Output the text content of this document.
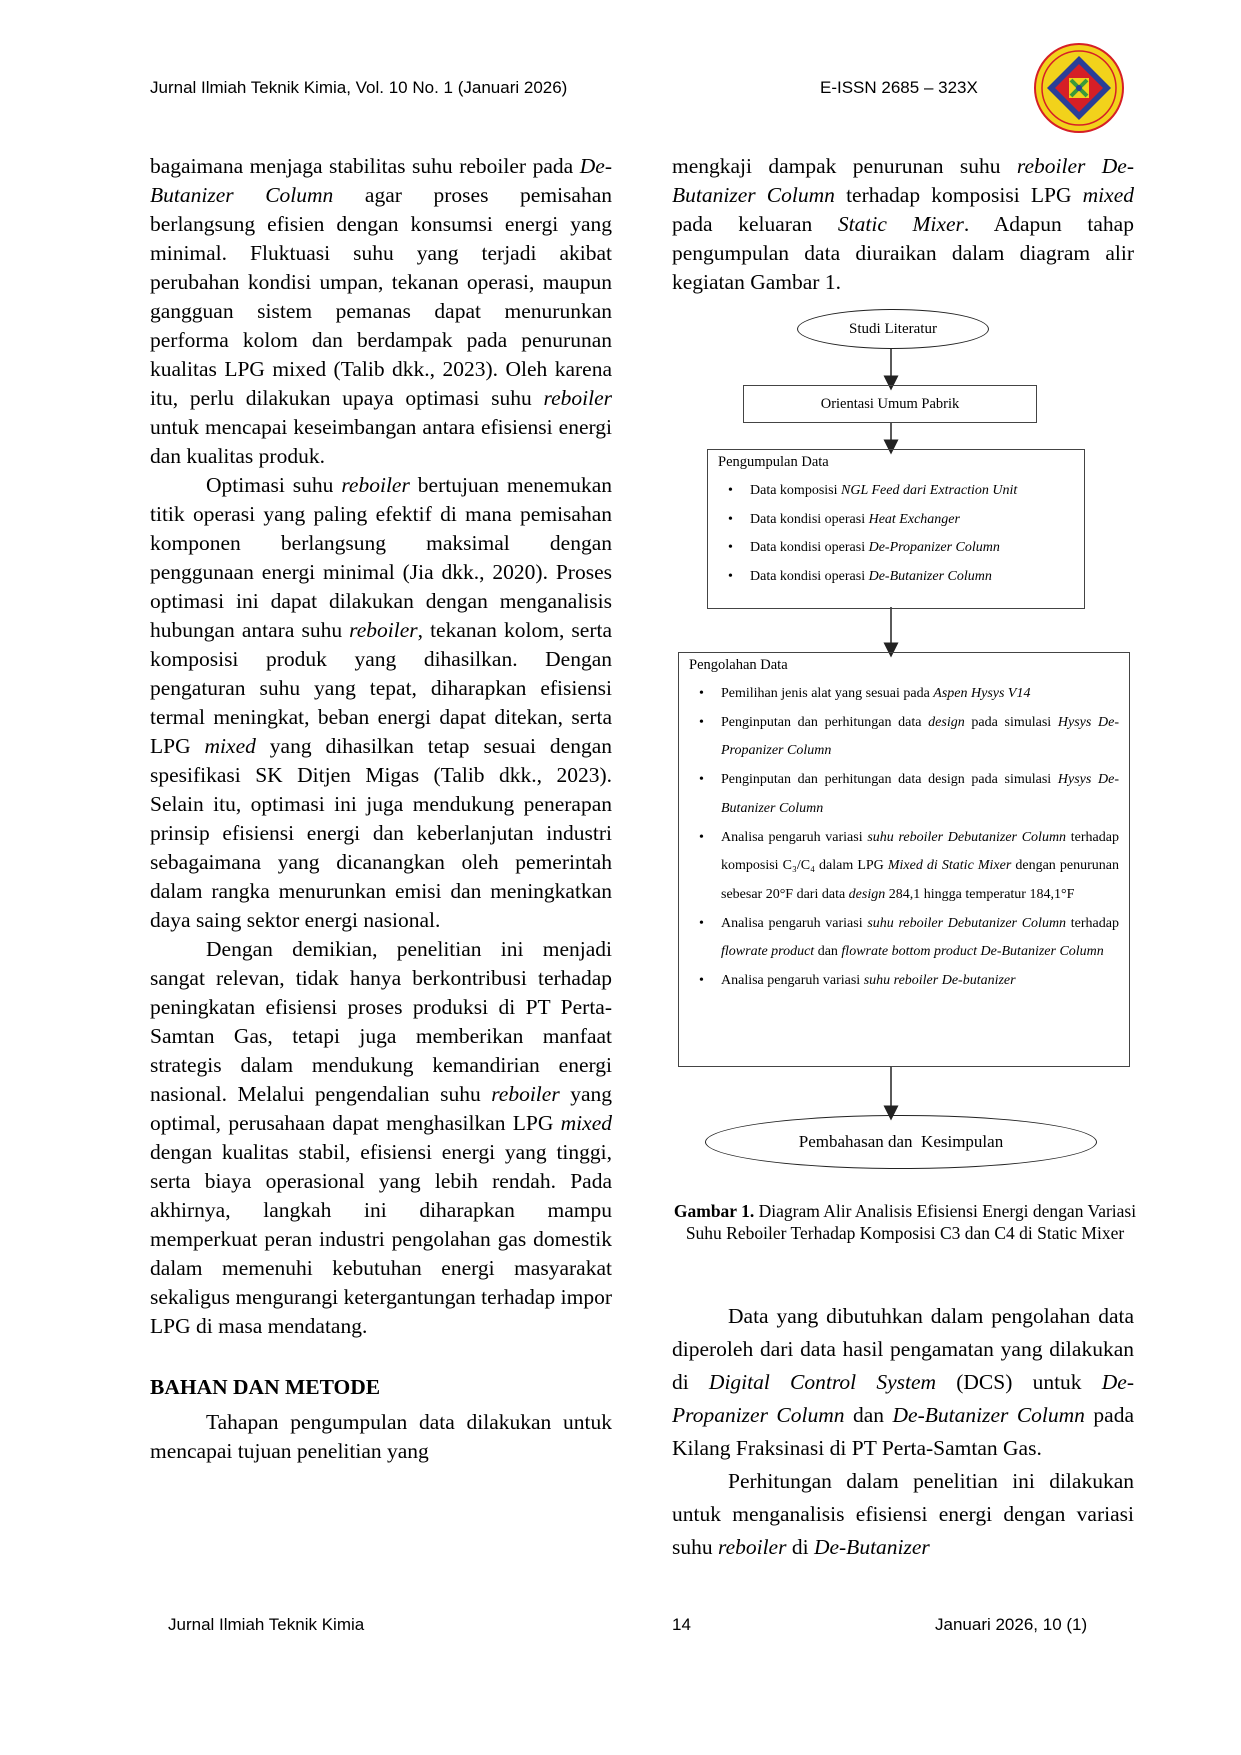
Jurnal Ilmiah Teknik Kimia, Vol. 10 No. 1 (Januari 2026)	E-ISSN 2685 – 323X

bagaimana menjaga stabilitas suhu reboiler pada De-Butanizer Column agar proses pemisahan berlangsung efisien dengan konsumsi energi yang minimal. Fluktuasi suhu yang terjadi akibat perubahan kondisi umpan, tekanan operasi, maupun gangguan sistem pemanas dapat menurunkan performa kolom dan berdampak pada penurunan kualitas LPG mixed (Talib dkk., 2023). Oleh karena itu, perlu dilakukan upaya optimasi suhu reboiler untuk mencapai keseimbangan antara efisiensi energi dan kualitas produk.

Optimasi suhu reboiler bertujuan menemukan titik operasi yang paling efektif di mana pemisahan komponen berlangsung maksimal dengan penggunaan energi minimal (Jia dkk., 2020). Proses optimasi ini dapat dilakukan dengan menganalisis hubungan antara suhu reboiler, tekanan kolom, serta komposisi produk yang dihasilkan. Dengan pengaturan suhu yang tepat, diharapkan efisiensi termal meningkat, beban energi dapat ditekan, serta LPG mixed yang dihasilkan tetap sesuai dengan spesifikasi SK Ditjen Migas (Talib dkk., 2023). Selain itu, optimasi ini juga mendukung penerapan prinsip efisiensi energi dan keberlanjutan industri sebagaimana yang dicanangkan oleh pemerintah dalam rangka menurunkan emisi dan meningkatkan daya saing sektor energi nasional.

Dengan demikian, penelitian ini menjadi sangat relevan, tidak hanya berkontribusi terhadap peningkatan efisiensi proses produksi di PT Perta-Samtan Gas, tetapi juga memberikan manfaat strategis dalam mendukung kemandirian energi nasional. Melalui pengendalian suhu reboiler yang optimal, perusahaan dapat menghasilkan LPG mixed dengan kualitas stabil, efisiensi energi yang tinggi, serta biaya operasional yang lebih rendah. Pada akhirnya, langkah ini diharapkan mampu memperkuat peran industri pengolahan gas domestik dalam memenuhi kebutuhan energi masyarakat sekaligus mengurangi ketergantungan terhadap impor LPG di masa mendatang.

BAHAN DAN METODE

Tahapan pengumpulan data dilakukan untuk mencapai tujuan penelitian yang

mengkaji dampak penurunan suhu reboiler De-Butanizer Column terhadap komposisi LPG mixed pada keluaran Static Mixer. Adapun tahap pengumpulan data diuraikan dalam diagram alir kegiatan Gambar 1.

Data yang dibutuhkan dalam pengolahan data diperoleh dari data hasil pengamatan yang dilakukan di Digital Control System (DCS) untuk De-Propanizer Column dan De-Butanizer Column pada Kilang Fraksinasi di PT Perta-Samtan Gas.

Perhitungan dalam penelitian ini dilakukan untuk menganalisis efisiensi energi dengan variasi suhu reboiler di De-Butanizer

Studi Literatur
Orientasi Umum Pabrik
Pengumpulan Data
• Data komposisi NGL Feed dari Extraction Unit
• Data kondisi operasi Heat Exchanger
• Data kondisi operasi De-Propanizer Column
• Data kondisi operasi De-Butanizer Column
Pengolahan Data
• Pemilihan jenis alat yang sesuai pada Aspen Hysys V14
• Penginputan dan perhitungan data design pada simulasi Hysys De-Propanizer Column
• Penginputan dan perhitungan data design pada simulasi Hysys De-Butanizer Column
• Analisa pengaruh variasi suhu reboiler Debutanizer Column terhadap komposisi C₃/C₄ dalam LPG Mixed di Static Mixer dengan penurunan sebesar 20°F dari data design 284,1 hingga temperatur 184,1°F
• Analisa pengaruh variasi suhu reboiler Debutanizer Column terhadap flowrate product dan flowrate bottom product De-Butanizer Column
• Analisa pengaruh variasi suhu reboiler De-butanizer
Pembahasan dan  Kesimpulan
Gambar 1. Diagram Alir Analisis Efisiensi Energi dengan Variasi Suhu Reboiler Terhadap Komposisi C3 dan C4 di Static Mixer
Jurnal Ilmiah Teknik Kimia	14	Januari 2026, 10 (1)
